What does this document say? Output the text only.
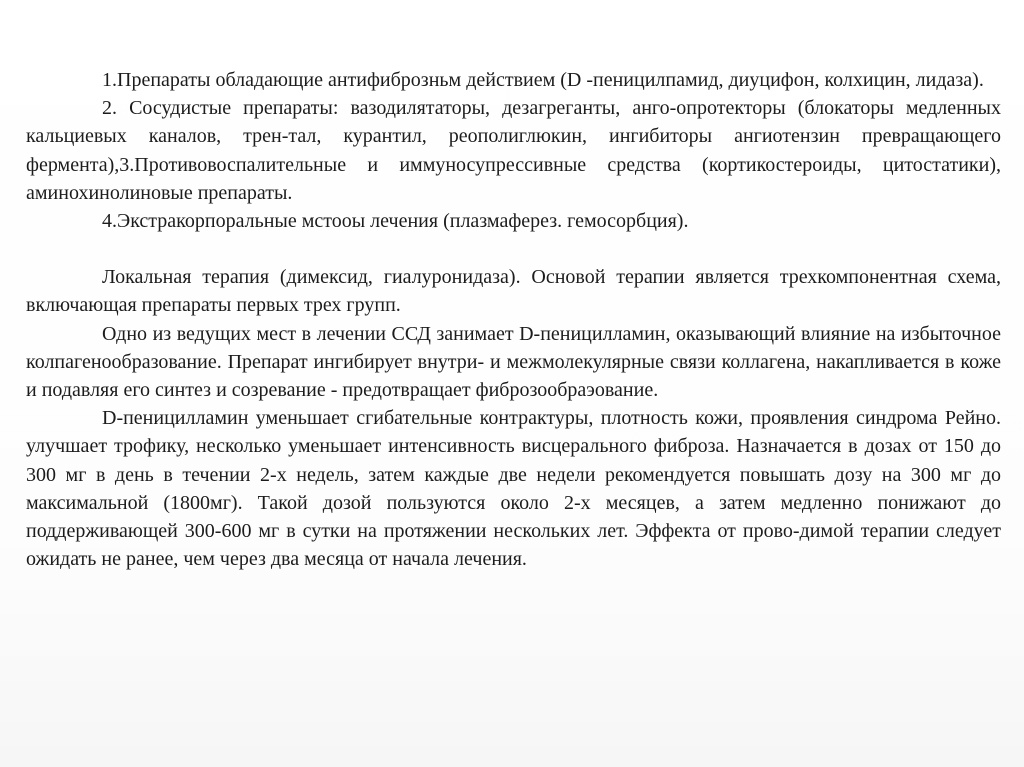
1.Препараты обладающие антифиброзньм действием (D -пеницилпамид, диуцифон, колхицин, лидаза).

2. Сосудистые препараты: вазодилятаторы, дезагреганты, анго-опротекторы (блокаторы медленных кальциевых каналов, трен-тал, курантил, реополиглюкин, ингибиторы ангиотензин превращающего фермента),3.Противовоспалительные и иммуносупрессивные средства (кортикостероиды, цитостатики), аминохинолиновые препараты.

4.Экстракорпоральные мстооы лечения (плазмаферез. гемосорбция).

Локальная терапия (димексид, гиалуронидаза). Основой терапии является трехкомпонентная схема, включающая препараты первых трех групп.

Одно из ведущих мест в лечении ССД занимает D-пеницилламин, оказывающий влияние на избыточное колпагенообразование. Препарат ингибирует внутри- и межмолекулярные связи коллагена, накапливается в коже и подавляя его синтез и созревание - предотвращает фиброзообраэование.

D-пеницилламин уменьшает сгибательные контрактуры, плотность кожи, проявления синдрома Рейно. улучшает трофику, несколько уменьшает интенсивность висцерального фиброза. Назначается в дозах от 150 до 300 мг в день в течении 2-х недель, затем каждые две недели рекомендуется повышать дозу на 300 мг до максимальной (1800мг). Такой дозой пользуются около 2-х месяцев, а затем медленно понижают до поддерживающей 300-600 мг в сутки на протяжении нескольких лет. Эффекта от прово-димой терапии следует ожидать не ранее, чем через два месяца от начала лечения.
